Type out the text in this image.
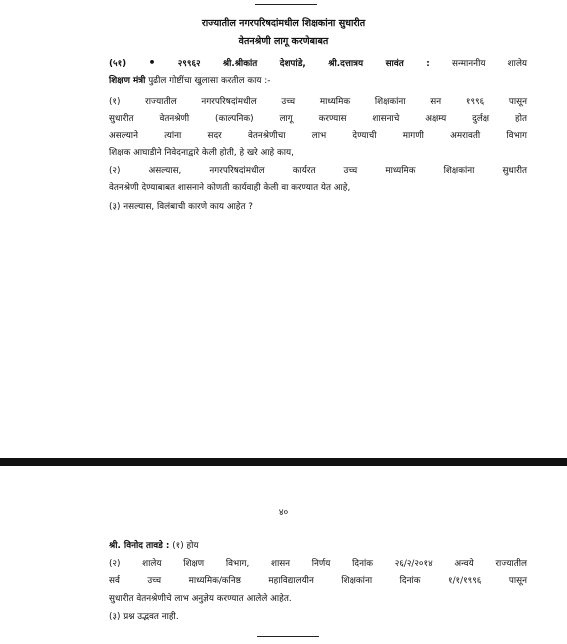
राज्यातील नगरपरिषदांमधील शिक्षकांना सुधारीत
वेतनश्रेणी लागू करणेबाबत
(५१) •	२९९६२	श्री.श्रीकांत देशपांडे, श्री.दत्तात्रय सावंत :	सन्माननीय शालेय
शिक्षण मंत्री पुढील गोष्टींचा खुलासा करतील काय :-
(१) राज्यातील नगरपरिषदांमधील उच्च माध्यमिक शिक्षकांना सन १९९६ पासून
सुधारीत वेतनश्रेणी (काल्पनिक) लागू करण्यास शासनाचे अक्षम्य दुर्लक्ष होत
असल्याने त्यांना सदर वेतनश्रेणीचा लाभ देण्याची मागणी अमरावती विभाग
शिक्षक आघाडीने निवेदनाद्वारे केली होती, हे खरे आहे काय,
(२) असल्यास, नगरपरिषदांमधील कार्यरत उच्च माध्यमिक शिक्षकांना सुधारीत
वेतनश्रेणी देण्याबाबत शासनाने कोणती कार्यवाही केली वा करण्यात येत आहे,
(३) नसल्यास, विलंबाची कारणे काय आहेत ?
४०
श्री. विनोद तावडे : (१) होय
(२) शालेय शिक्षण विभाग, शासन निर्णय दिनांक २६/२/२०१४ अन्वये राज्यातील
सर्व उच्च माध्यमिक/कनिष्ठ महाविद्यालयीन शिक्षकांना दिनांक १/१/१९९६ पासून
सुधारीत वेतनश्रेणीचे लाभ अनुज्ञेय करण्यात आलेले आहेत.
(३) प्रश्न उद्भवत नाही.
